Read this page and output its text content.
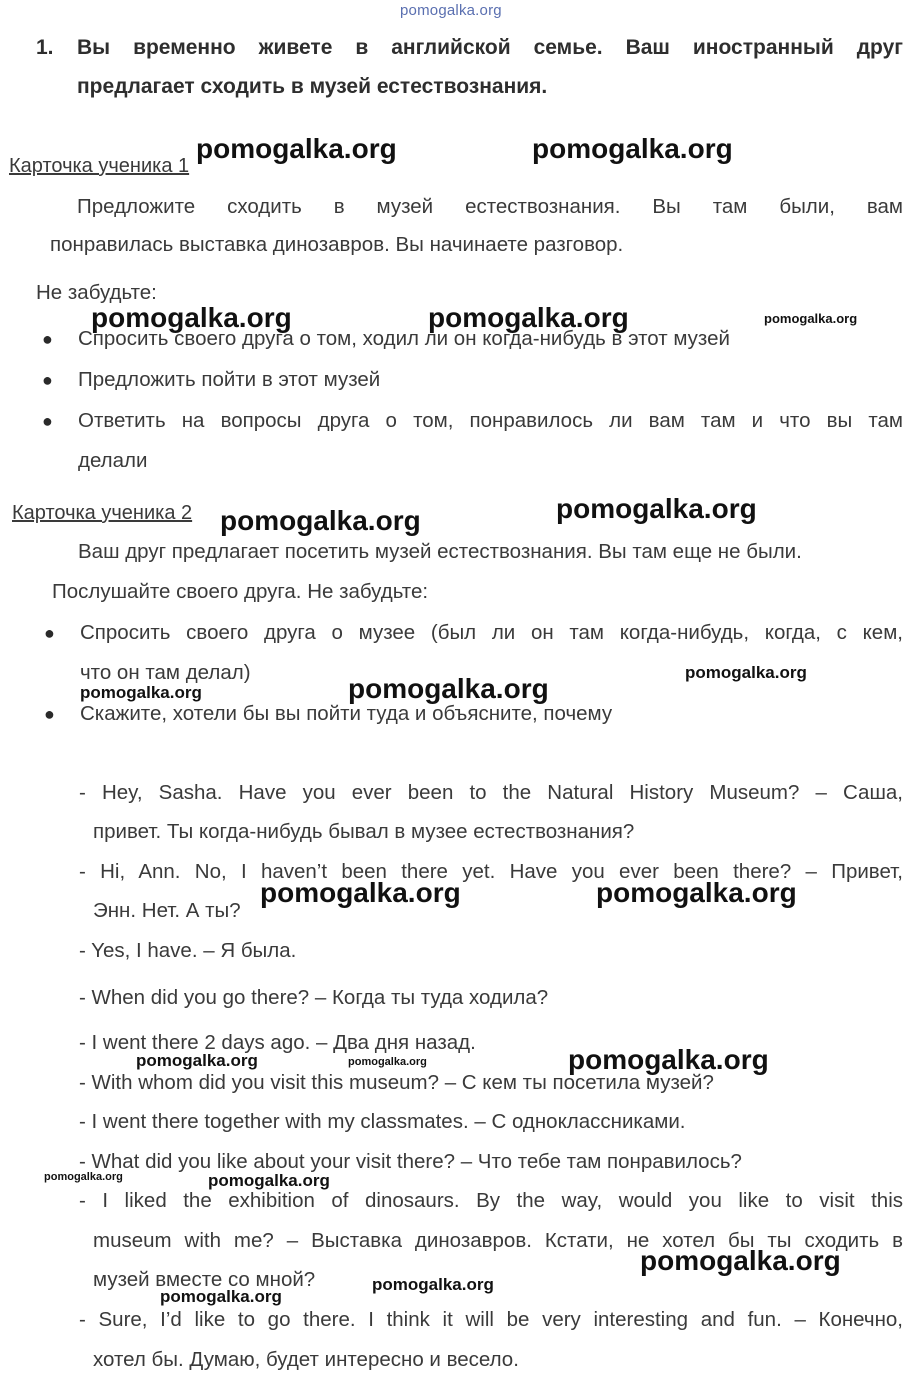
pomogalka.org
1. Вы временно живете в английской семье. Ваш иностранный друг
предлагает сходить в музей естествознания.
Карточка ученика 1
Предложите сходить в музей естествознания. Вы там были, вам
понравилась выставка динозавров. Вы начинаете разговор.
Не забудьте:
● Спросить своего друга о том, ходил ли он когда-нибудь в этот музей
● Предложить пойти в этот музей
● Ответить на вопросы друга о том, понравилось ли вам там и что вы там
делали
Карточка ученика 2
Ваш друг предлагает посетить музей естествознания. Вы там еще не были.
Послушайте своего друга. Не забудьте:
● Спросить своего друга о музее (был ли он там когда-нибудь, когда, с кем,
что он там делал)
● Скажите, хотели бы вы пойти туда и объясните, почему
- Hey, Sasha. Have you ever been to the Natural History Museum? – Саша,
привет. Ты когда-нибудь бывал в музее естествознания?
- Hi, Ann. No, I haven’t been there yet. Have you ever been there? – Привет,
Энн. Нет. А ты?
- Yes, I have. – Я была.
- When did you go there? – Когда ты туда ходила?
- I went there 2 days ago. – Два дня назад.
- With whom did you visit this museum? – С кем ты посетила музей?
- I went there together with my classmates. – С одноклассниками.
- What did you like about your visit there? – Что тебе там понравилось?
- I liked the exhibition of dinosaurs. By the way, would you like to visit this
museum with me? – Выставка динозавров. Кстати, не хотел бы ты сходить в
музей вместе со мной?
- Sure, I’d like to go there. I think it will be very interesting and fun. – Конечно,
хотел бы. Думаю, будет интересно и весело.
pomogalka.org	pomogalka.org
pomogalka.org	pomogalka.org	pomogalka.org
pomogalka.org	pomogalka.org
pomogalka.org
pomogalka.org	pomogalka.org
pomogalka.org	pomogalka.org
pomogalka.org	pomogalka.org	pomogalka.org
pomogalka.org	pomogalka.org
pomogalka.org
pomogalka.org
pomogalka.org
